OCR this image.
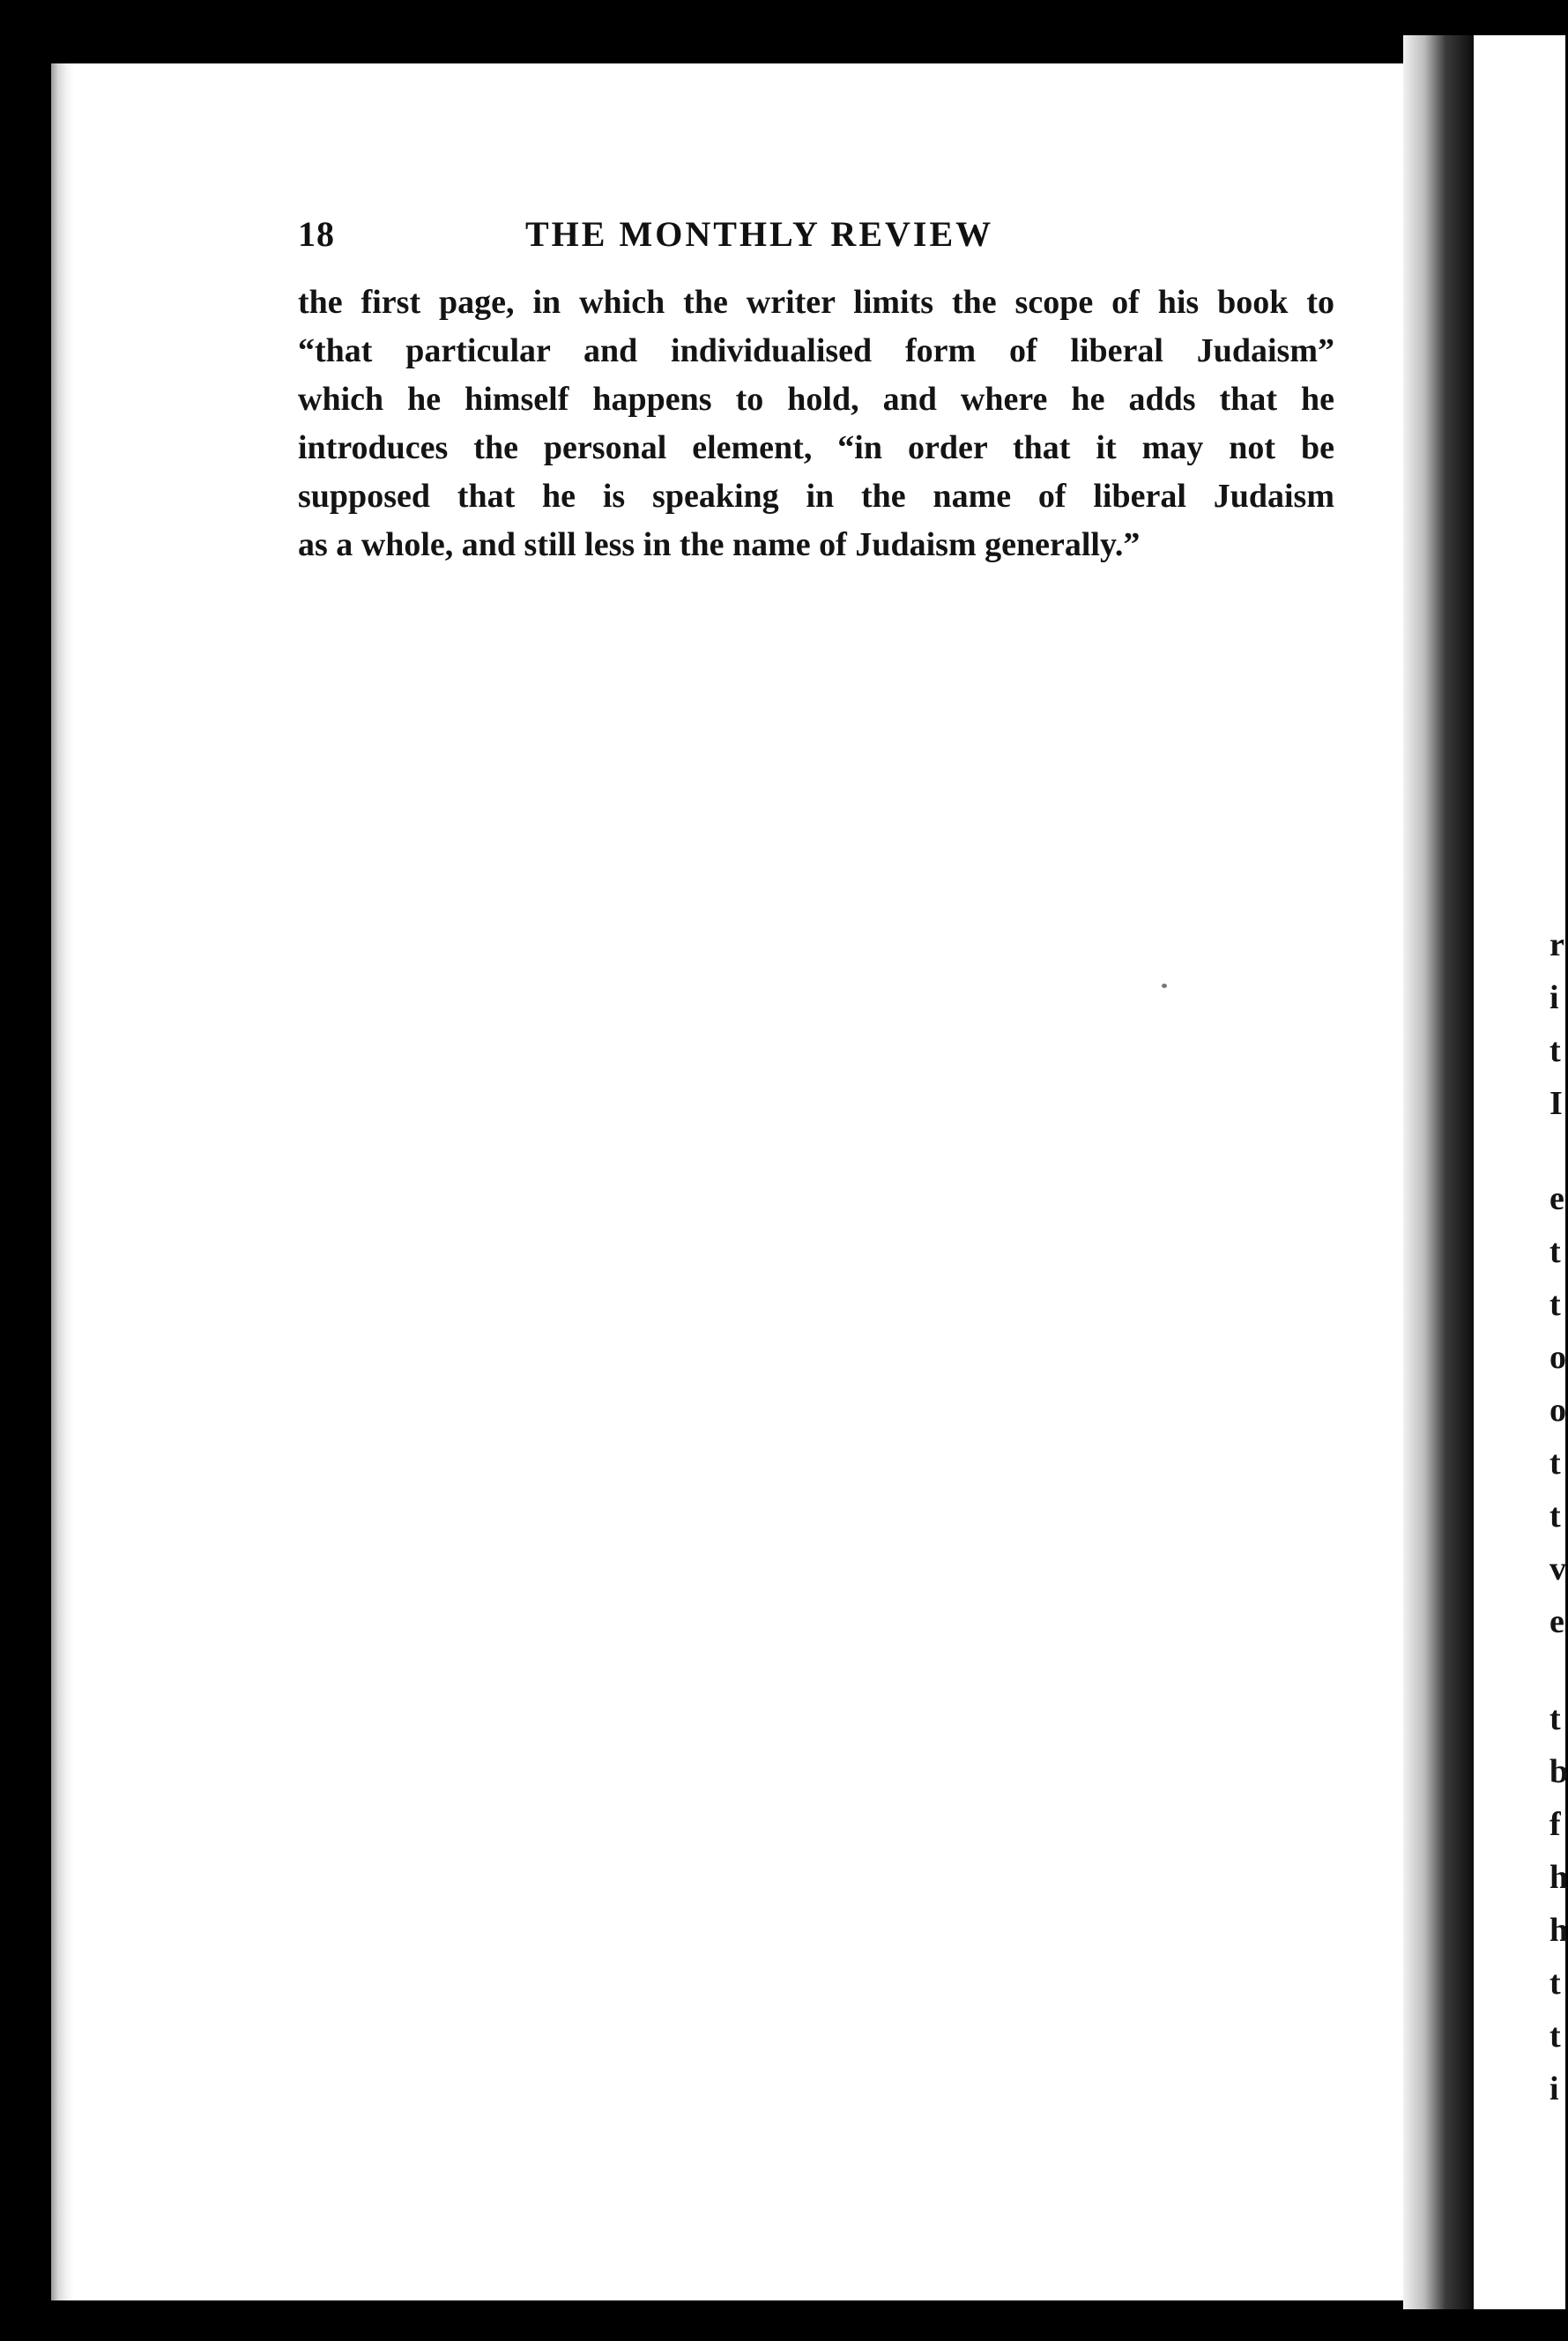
18	THE MONTHLY REVIEW
the first page, in which the writer limits the scope of his book to
“that particular and individualised form of liberal Judaism”
which he himself happens to hold, and where he adds that he
introduces the personal element, “in order that it may not be
supposed that he is speaking in the name of liberal Judaism
as a whole, and still less in the name of Judaism generally.”
r
i
t
I
e
t
t
o
o
t
t
v
e
t
b
f
h
h
t
t
i
